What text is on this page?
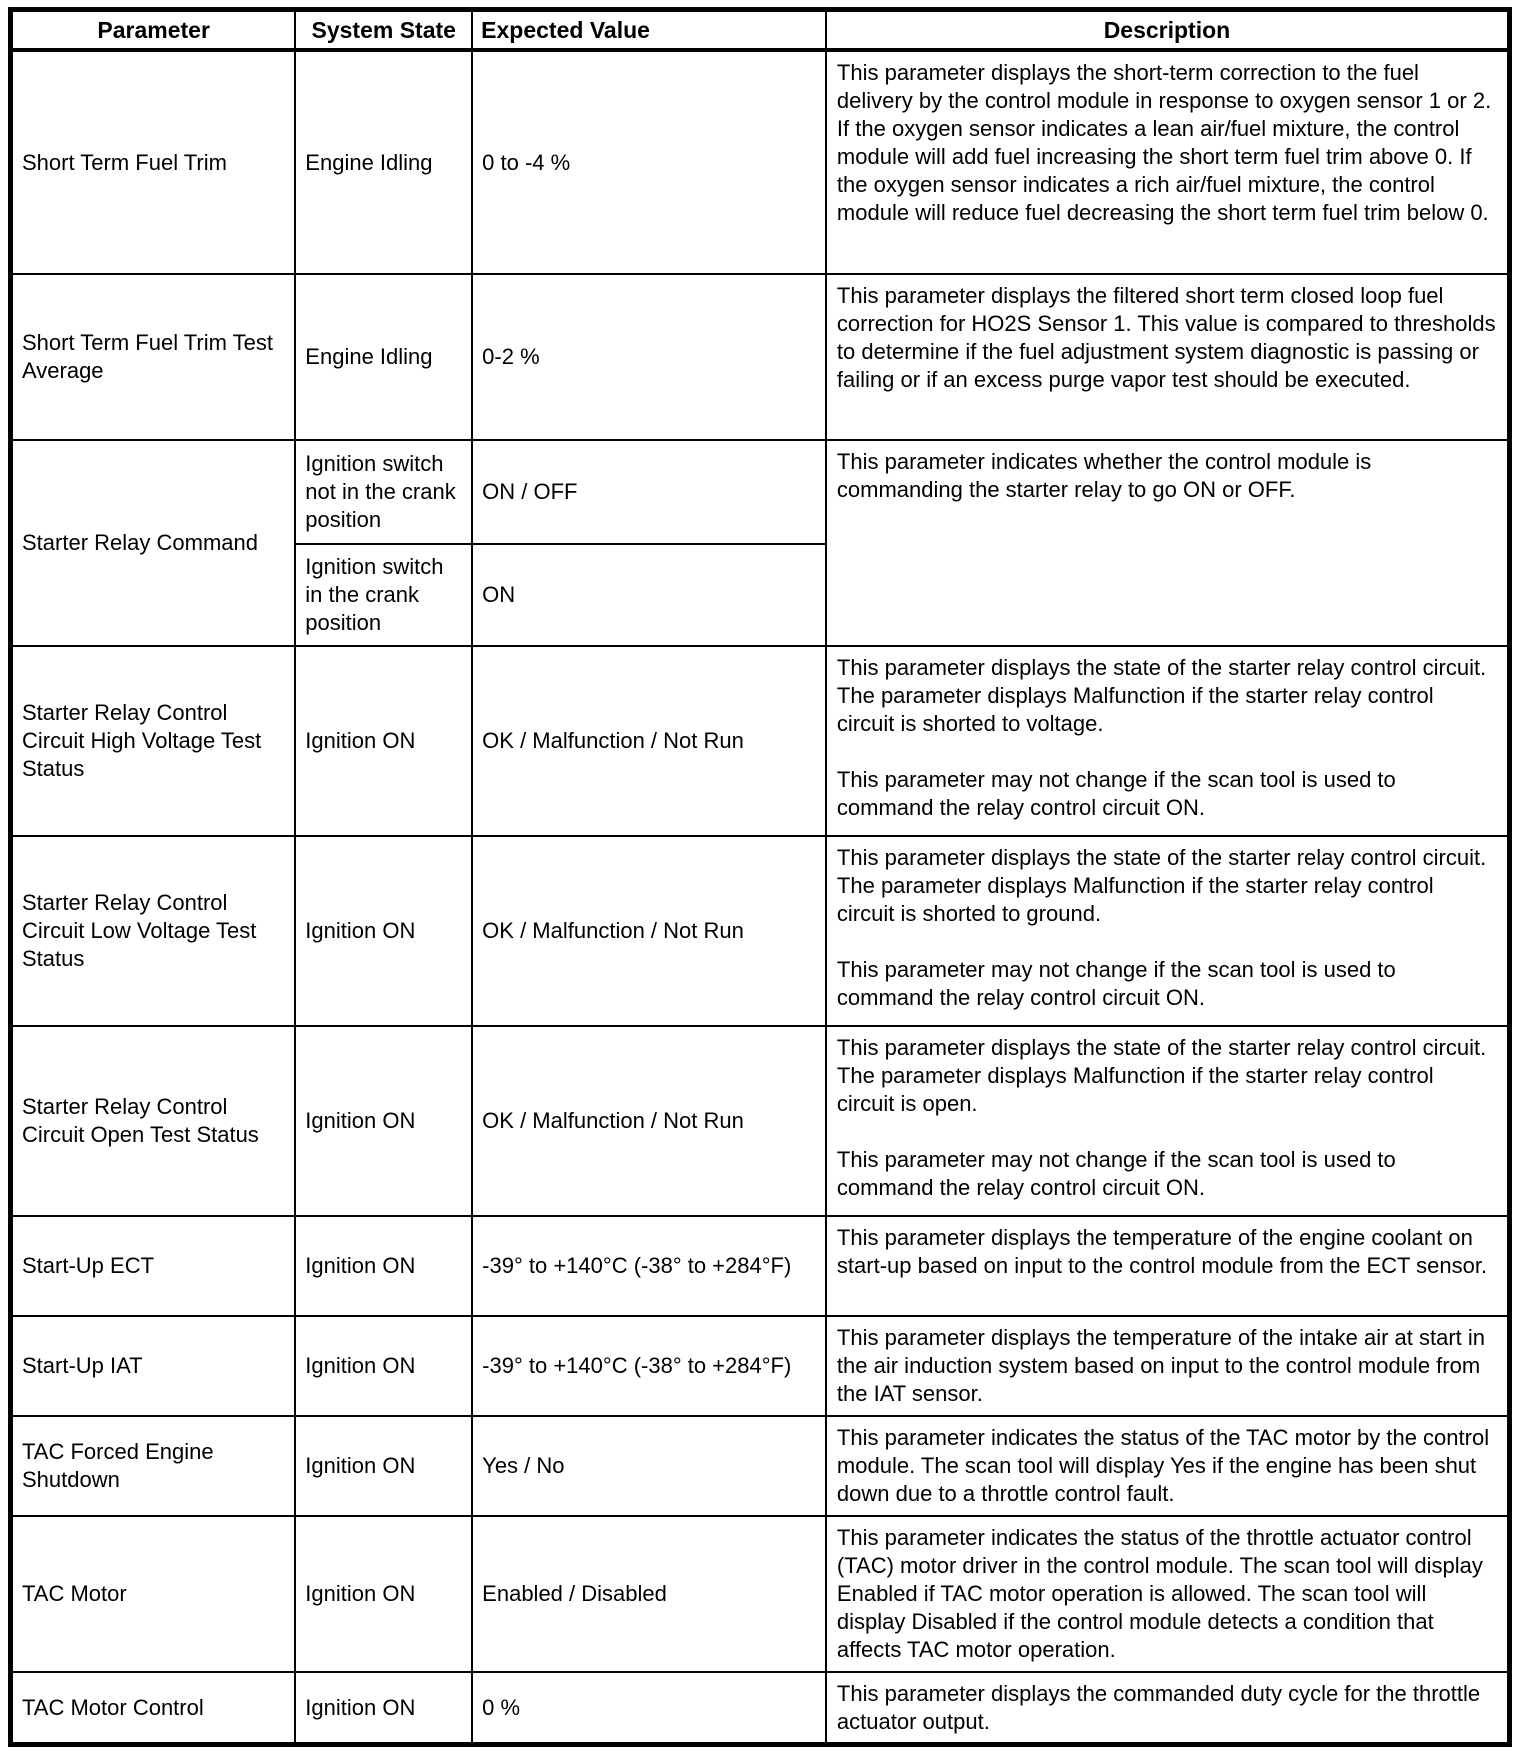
Parameter	System State	Expected Value	Description
Short Term Fuel Trim	Engine Idling	0 to -4 %	This parameter displays the short-term correction to the fuel delivery by the control module in response to oxygen sensor 1 or 2. If the oxygen sensor indicates a lean air/fuel mixture, the control module will add fuel increasing the short term fuel trim above 0. If the oxygen sensor indicates a rich air/fuel mixture, the control module will reduce fuel decreasing the short term fuel trim below 0.

Short Term Fuel Trim Test Average	Engine Idling	0-2 %	This parameter displays the filtered short term closed loop fuel correction for HO2S Sensor 1. This value is compared to thresholds to determine if the fuel adjustment system diagnostic is passing or failing or if an excess purge vapor test should be executed.

Starter Relay Command	Ignition switch not in the crank position	ON / OFF	This parameter indicates whether the control module is commanding the starter relay to go ON or OFF.

	Ignition switch in the crank position	ON	
Starter Relay Control Circuit High Voltage Test Status	Ignition ON	OK / Malfunction / Not Run	This parameter displays the state of the starter relay control circuit. The parameter displays Malfunction if the starter relay control circuit is shorted to voltage.

This parameter may not change if the scan tool is used to command the relay control circuit ON.

Starter Relay Control Circuit Low Voltage Test Status	Ignition ON	OK / Malfunction / Not Run	This parameter displays the state of the starter relay control circuit. The parameter displays Malfunction if the starter relay control circuit is shorted to ground.

This parameter may not change if the scan tool is used to command the relay control circuit ON.

Starter Relay Control Circuit Open Test Status	Ignition ON	OK / Malfunction / Not Run	This parameter displays the state of the starter relay control circuit. The parameter displays Malfunction if the starter relay control circuit is open.

This parameter may not change if the scan tool is used to command the relay control circuit ON.

Start-Up ECT	Ignition ON	-39° to +140°C (-38° to +284°F)	This parameter displays the temperature of the engine coolant on start-up based on input to the control module from the ECT sensor.

Start-Up IAT	Ignition ON	-39° to +140°C (-38° to +284°F)	This parameter displays the temperature of the intake air at start in the air induction system based on input to the control module from the IAT sensor.

TAC Forced Engine Shutdown	Ignition ON	Yes / No	This parameter indicates the status of the TAC motor by the control module. The scan tool will display Yes if the engine has been shut down due to a throttle control fault.

TAC Motor	Ignition ON	Enabled / Disabled	This parameter indicates the status of the throttle actuator control (TAC) motor driver in the control module. The scan tool will display Enabled if TAC motor operation is allowed. The scan tool will display Disabled if the control module detects a condition that affects TAC motor operation.

TAC Motor Control	Ignition ON	0 %	This parameter displays the commanded duty cycle for the throttle actuator output.
